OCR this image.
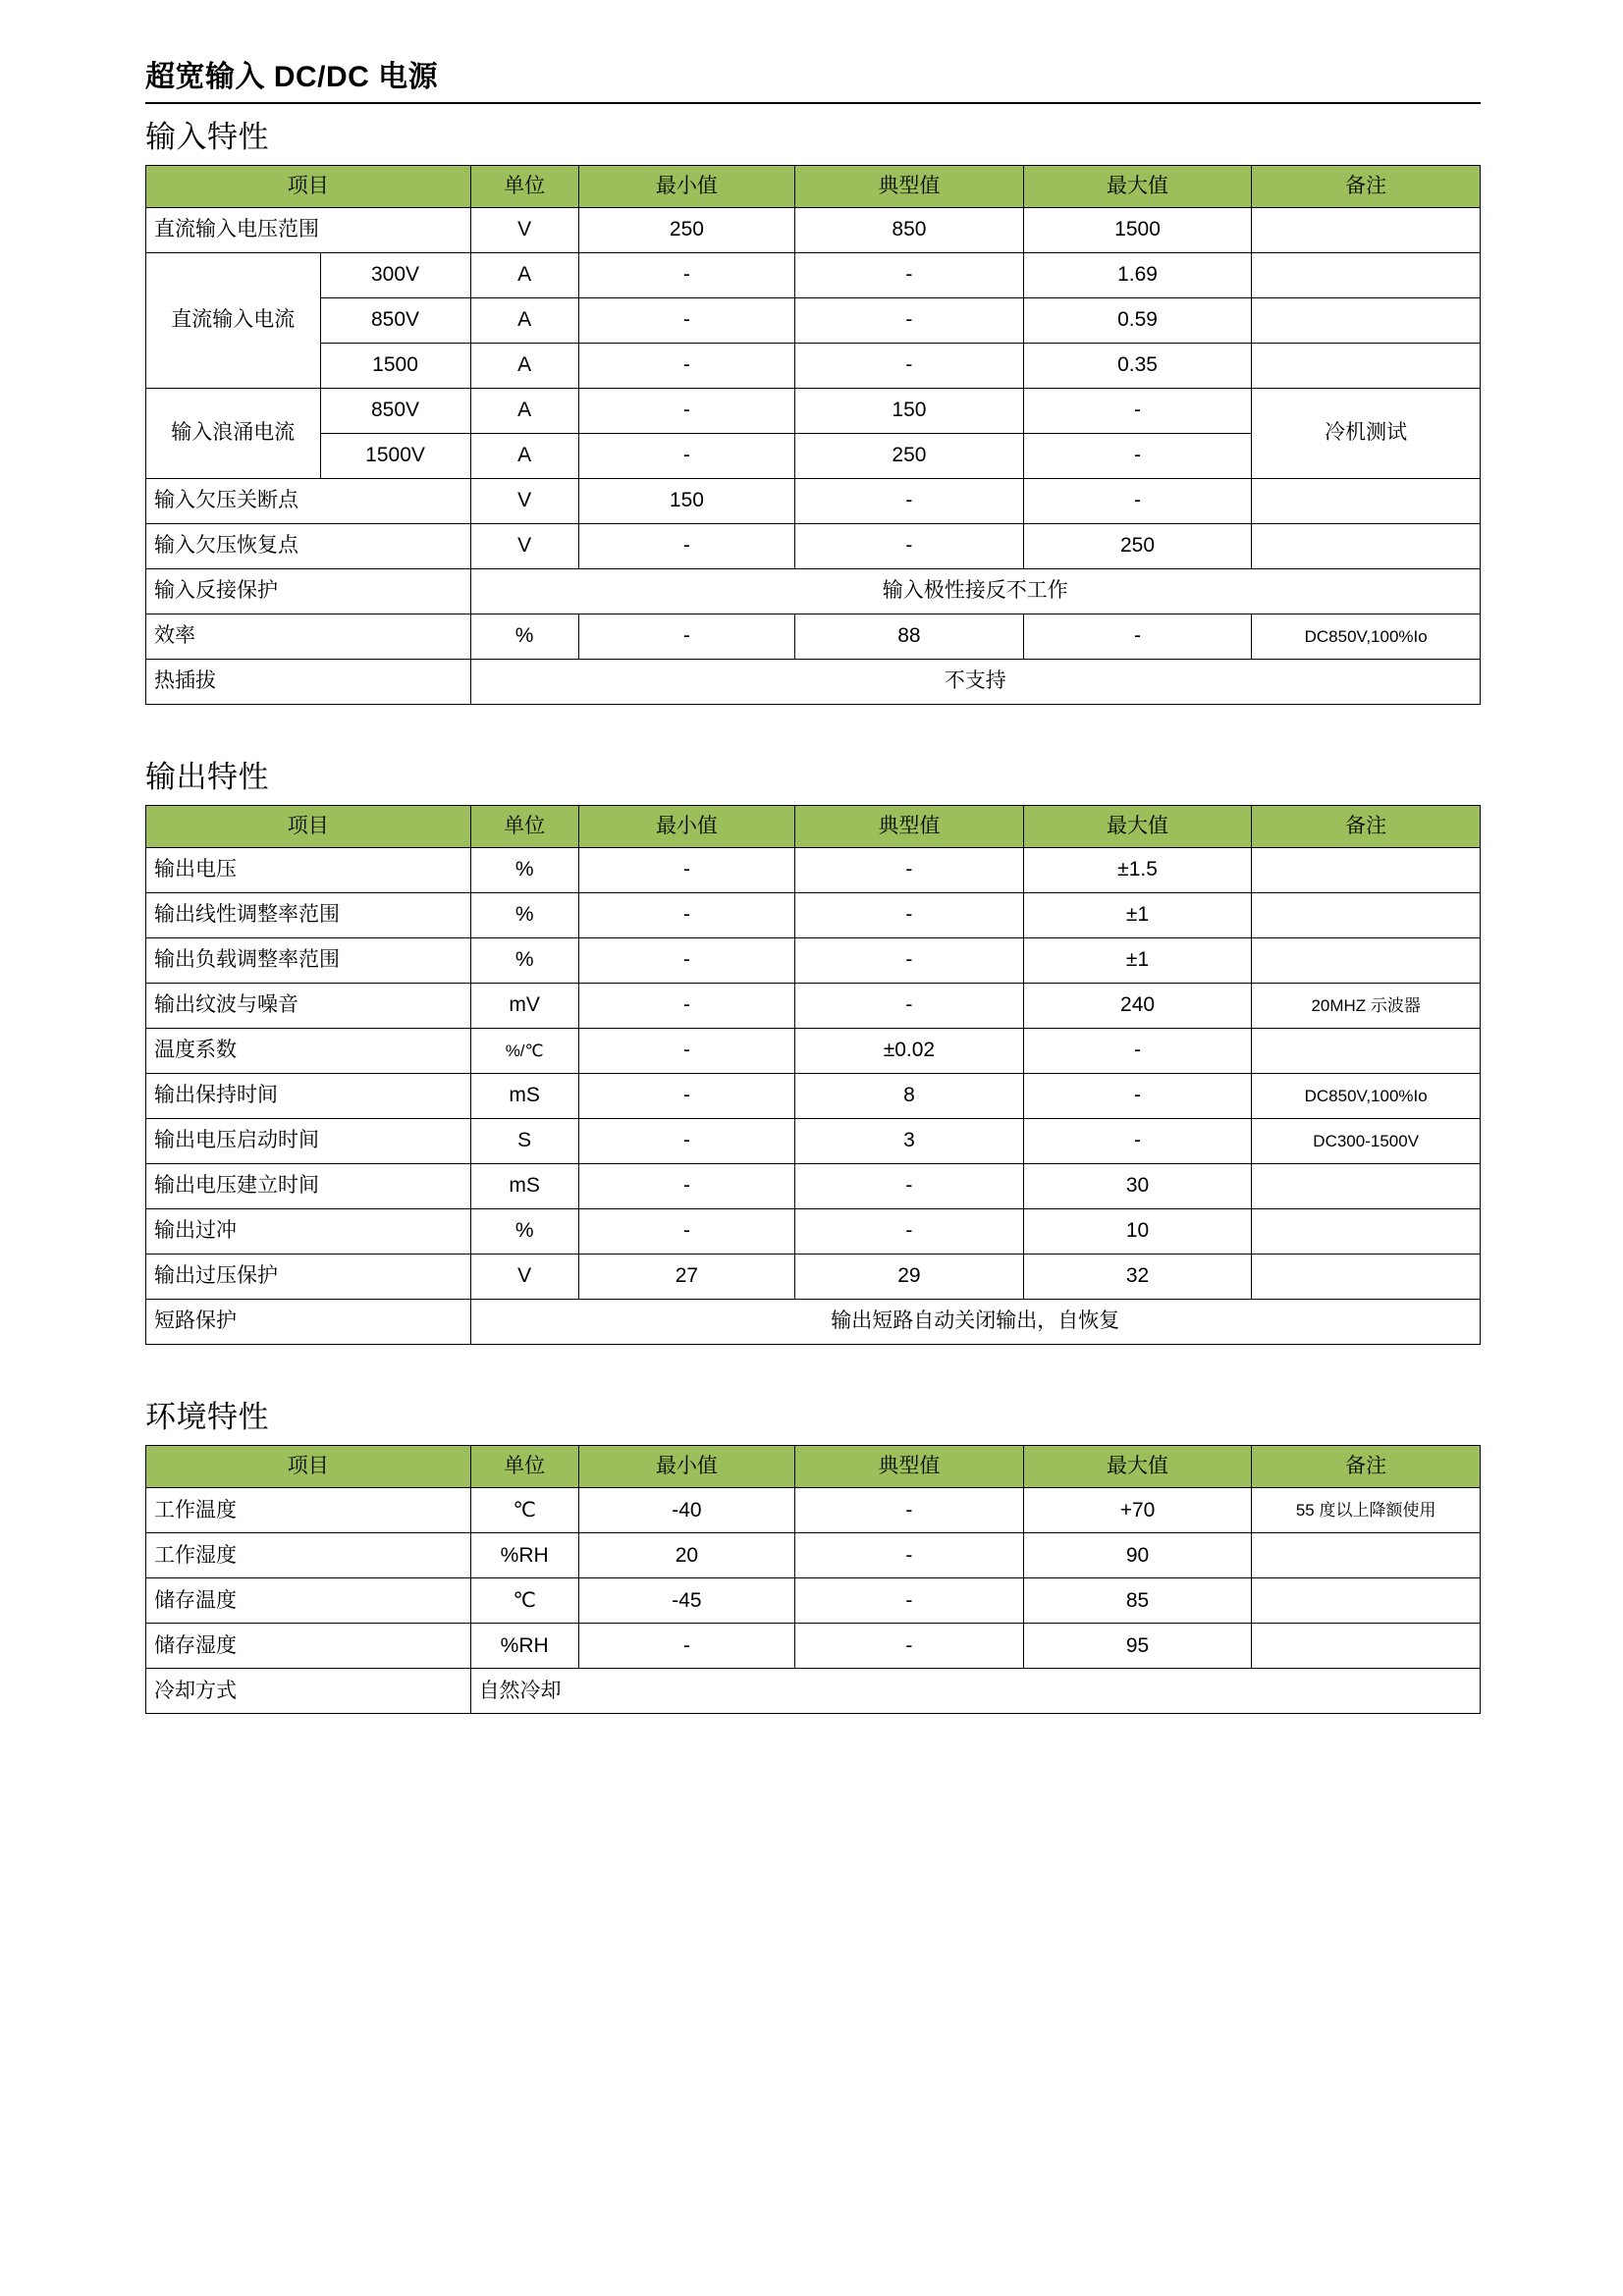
超宽输入 DC/DC 电源
输入特性
项目		单位	最小值	典型值	最大值	备注
直流输入电压范围		V	250	850	1500	
直流输入电流	300V	A	-	-	1.69	
	850V	A	-	-	0.59	
	1500	A	-	-	0.35	
输入浪涌电流	850V	A	-	150	-	冷机测试
	1500V	A	-	250	-	
输入欠压关断点		V	150	-	-	
输入欠压恢复点		V	-	-	250	
输入反接保护		输入极性接反不工作				
效率		%	-	88	-	DC850V,100%Io
热插拔		不支持				
输出特性
项目	单位	最小值	典型值	最大值	备注
输出电压	%	-	-	±1.5	
输出线性调整率范围	%	-	-	±1	
输出负载调整率范围	%	-	-	±1	
输出纹波与噪音	mV	-	-	240	20MHZ 示波器
温度系数	%/℃	-	±0.02	-	
输出保持时间	mS	-	8	-	DC850V,100%Io
输出电压启动时间	S	-	3	-	DC300-1500V
输出电压建立时间	mS	-	-	30	
输出过冲	%	-	-	10	
输出过压保护	V	27	29	32	
短路保护	输出短路自动关闭输出，自恢复				
环境特性
项目	单位	最小值	典型值	最大值	备注
工作温度	℃	-40	-	+70	55 度以上降额使用
工作湿度	%RH	20	-	90	
储存温度	℃	-45	-	85	
储存湿度	%RH	-	-	95	
冷却方式	自然冷却				
